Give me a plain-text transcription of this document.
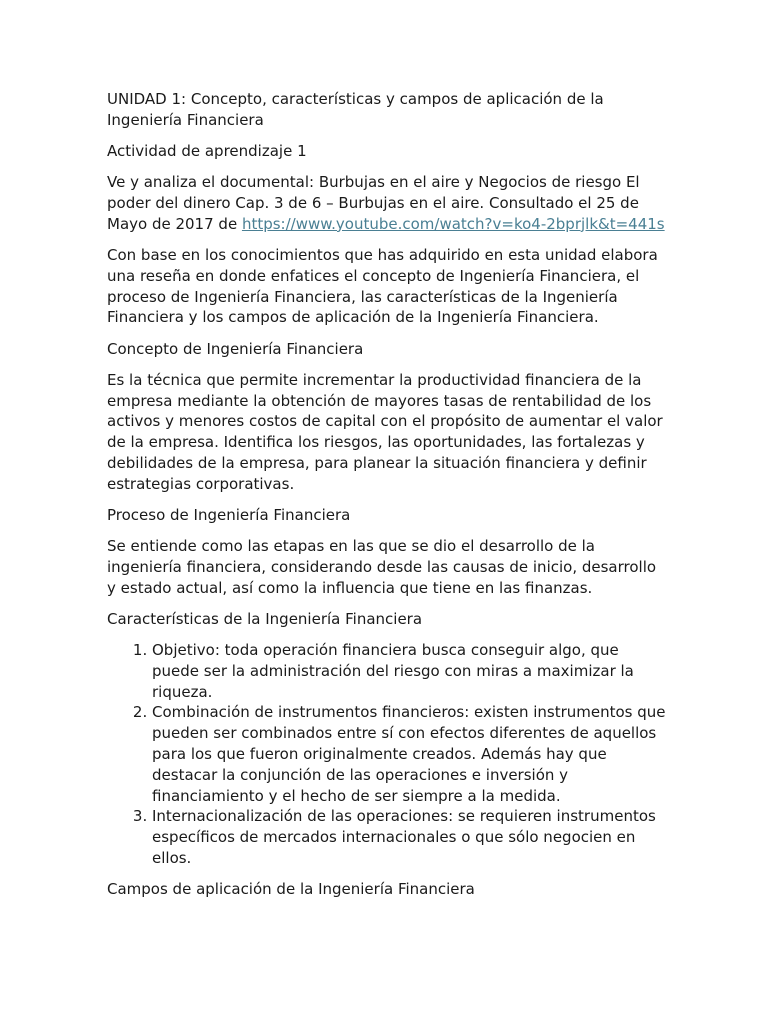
UNIDAD 1: Concepto, características y campos de aplicación de la Ingeniería Financiera

Actividad de aprendizaje 1

Ve y analiza el documental: Burbujas en el aire y Negocios de riesgo El poder del dinero Cap. 3 de 6 – Burbujas en el aire. Consultado el 25 de Mayo de 2017 de https://www.youtube.com/watch?v=ko4-2bprjlk&t=441s

Con base en los conocimientos que has adquirido en esta unidad elabora una reseña en donde enfatices el concepto de Ingeniería Financiera, el proceso de Ingeniería Financiera, las características de la Ingeniería Financiera y los campos de aplicación de la Ingeniería Financiera.

Concepto de Ingeniería Financiera

Es la técnica que permite incrementar la productividad financiera de la empresa mediante la obtención de mayores tasas de rentabilidad de los activos y menores costos de capital con el propósito de aumentar el valor de la empresa. Identifica los riesgos, las oportunidades, las fortalezas y debilidades de la empresa, para planear la situación financiera y definir estrategias corporativas.

Proceso de Ingeniería Financiera

Se entiende como las etapas en las que se dio el desarrollo de la ingeniería financiera, considerando desde las causas de inicio, desarrollo y estado actual, así como la influencia que tiene en las finanzas.

Características de la Ingeniería Financiera

1. Objetivo: toda operación financiera busca conseguir algo, que puede ser la administración del riesgo con miras a maximizar la riqueza.
2. Combinación de instrumentos financieros: existen instrumentos que pueden ser combinados entre sí con efectos diferentes de aquellos para los que fueron originalmente creados. Además hay que destacar la conjunción de las operaciones e inversión y financiamiento y el hecho de ser siempre a la medida.
3. Internacionalización de las operaciones: se requieren instrumentos específicos de mercados internacionales o que sólo negocien en ellos.

Campos de aplicación de la Ingeniería Financiera
